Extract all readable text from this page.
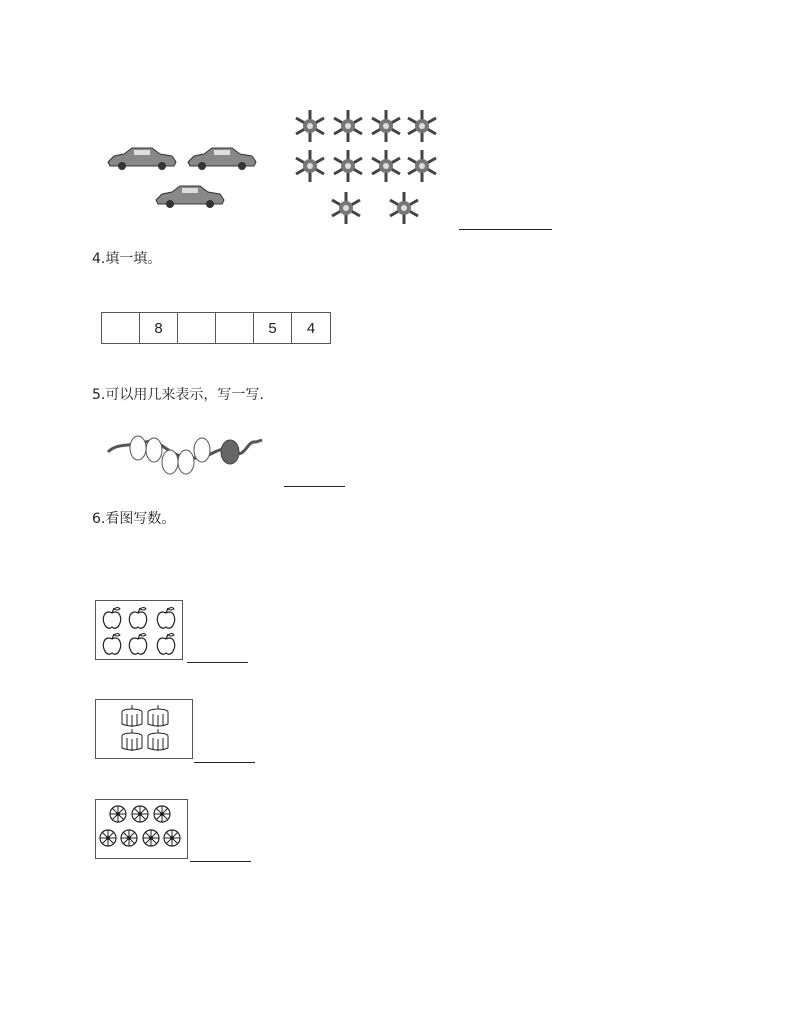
4.填一填。
8	5	4
5.可以用几来表示，写一写.
6.看图写数。
